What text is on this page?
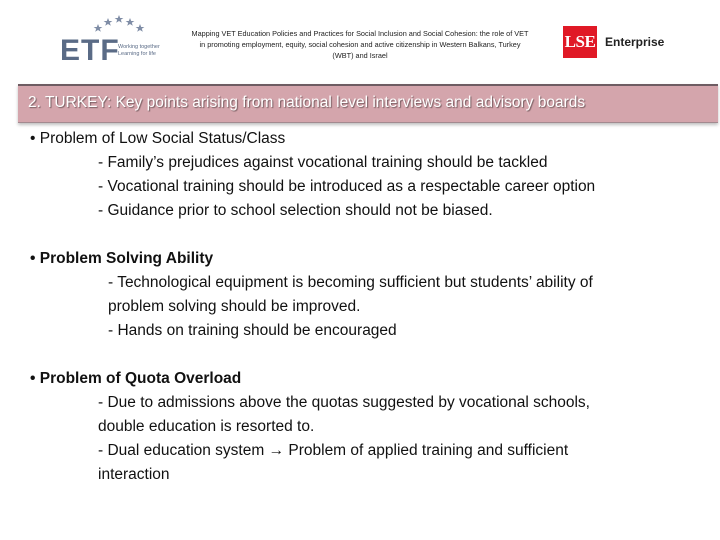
ETF
Working together
Learning for life
Mapping VET Education Policies and Practices for Social Inclusion and Social Cohesion: the role of VET in promoting employment, equity, social cohesion and active citizenship in Western Balkans, Turkey (WBT) and Israel
LSE Enterprise
2. TURKEY: Key points arising from national level interviews and advisory boards
• Problem of Low Social Status/Class
- Family’s prejudices against vocational training should be tackled
- Vocational training should be introduced as a respectable career option
- Guidance prior to school selection should not be biased.
• Problem Solving Ability
- Technological equipment is becoming sufficient but students’ ability of
problem solving should be improved.
- Hands on training should be encouraged
• Problem of Quota Overload
- Due to admissions above the quotas suggested by vocational schools,
double education is resorted to.
- Dual education system → Problem of applied training and sufficient
interaction
